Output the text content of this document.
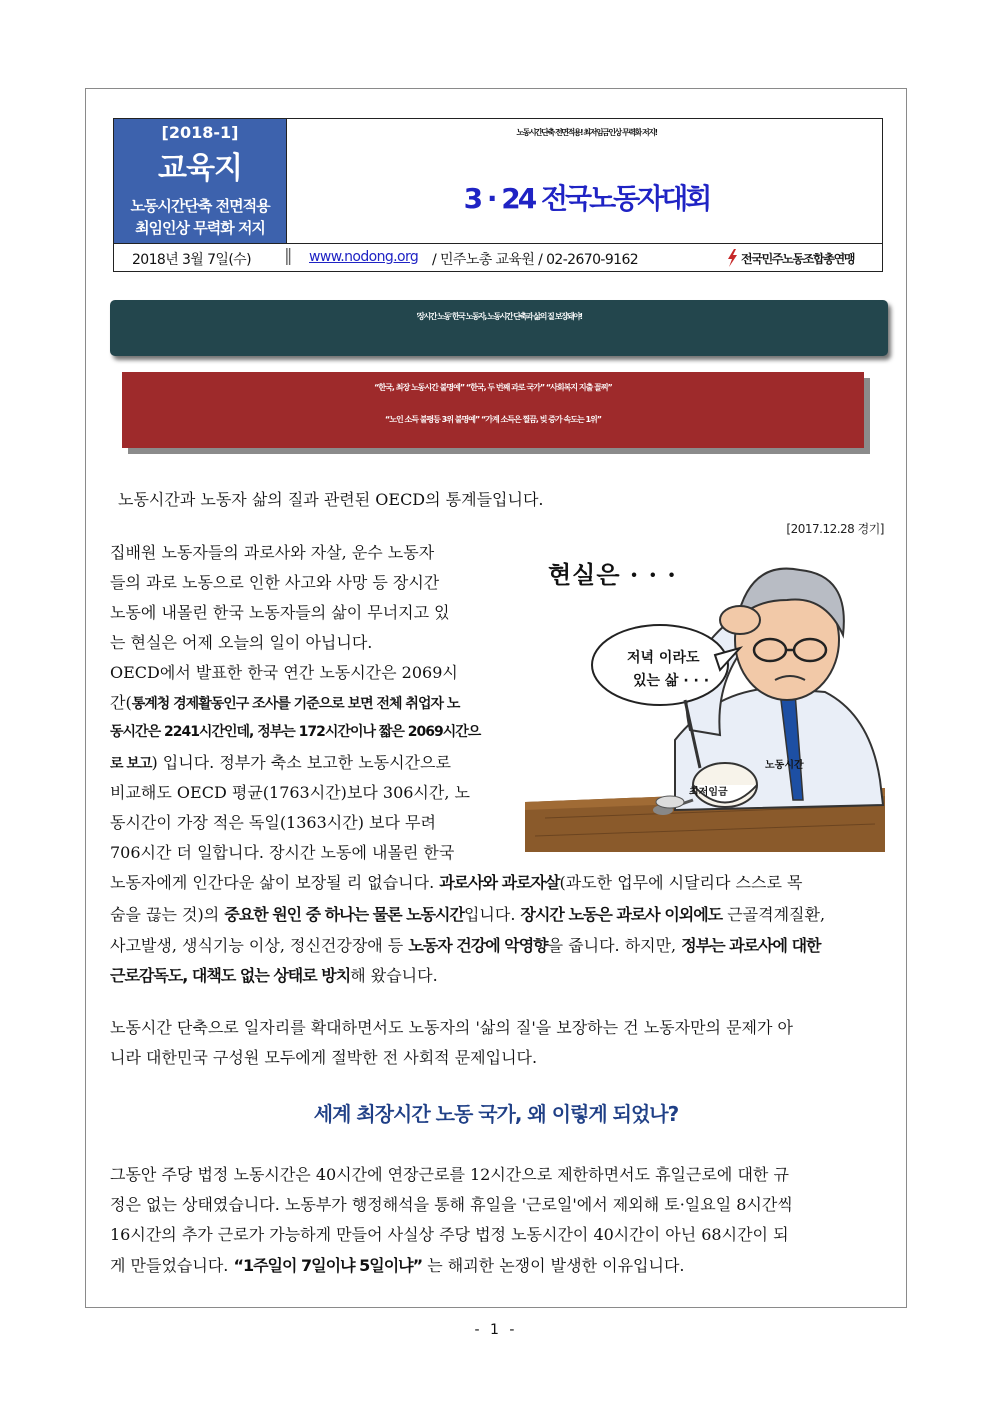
[2018-1]
교육지
노동시간단축 전면적용
최임인상 무력화 저지
노동시간단축 전면적용! 최저임금인상 무력화 저지!
3 · 24 전국노동자대회
2018년 3월 7일(수) ‖ www.nodong.org / 민주노총 교육원 / 02-2670-9162	전국민주노동조합총연맹
'장시간 노동' 한국 노동자, 노동시간 단축과 삶의 질 보장돼야!
“한국, 최장 노동시간 불명예” “한국, 두 번째 과로 국가” “사회복지 지출 꼴찌”
“노인 소득 불평등 3위 불명예” “가계 소득은 찔끔, 빚 증가 속도는 1위”
노동시간과 노동자 삶의 질과 관련된 OECD의 통계들입니다.
[2017.12.28 경기]
현실은 · · ·
저녁 이라도
있는 삶 · · ·
노동시간
최저임금
집배원 노동자들의 과로사와 자살, 운수 노동자
들의 과로 노동으로 인한 사고와 사망 등 장시간
노동에 내몰린 한국 노동자들의 삶이 무너지고 있
는 현실은 어제 오늘의 일이 아닙니다.
OECD에서 발표한 한국 연간 노동시간은 2069시
간(통계청 경제활동인구 조사를 기준으로 보면 전체 취업자 노
동시간은 2241시간인데, 정부는 172시간이나 짧은 2069시간으
로 보고) 입니다. 정부가 축소 보고한 노동시간으로
비교해도 OECD 평균(1763시간)보다 306시간, 노
동시간이 가장 적은 독일(1363시간) 보다 무려
706시간 더 일합니다. 장시간 노동에 내몰린 한국
노동자에게 인간다운 삶이 보장될 리 없습니다. 과로사와 과로자살(과도한 업무에 시달리다 스스로 목
숨을 끊는 것)의 중요한 원인 중 하나는 물론 노동시간입니다. 장시간 노동은 과로사 이외에도 근골격계질환,
사고발생, 생식기능 이상, 정신건강장애 등 노동자 건강에 악영향을 줍니다. 하지만, 정부는 과로사에 대한
근로감독도, 대책도 없는 상태로 방치해 왔습니다.
노동시간 단축으로 일자리를 확대하면서도 노동자의 '삶의 질'을 보장하는 건 노동자만의 문제가 아
니라 대한민국 구성원 모두에게 절박한 전 사회적 문제입니다.
세계 최장시간 노동 국가, 왜 이렇게 되었나?
그동안 주당 법정 노동시간은 40시간에 연장근로를 12시간으로 제한하면서도 휴일근로에 대한 규
정은 없는 상태였습니다. 노동부가 행정해석을 통해 휴일을 '근로일'에서 제외해 토·일요일 8시간씩
16시간의 추가 근로가 가능하게 만들어 사실상 주당 법정 노동시간이 40시간이 아닌 68시간이 되
게 만들었습니다. “1주일이 7일이냐 5일이냐” 는 해괴한 논쟁이 발생한 이유입니다.
- 1 -
